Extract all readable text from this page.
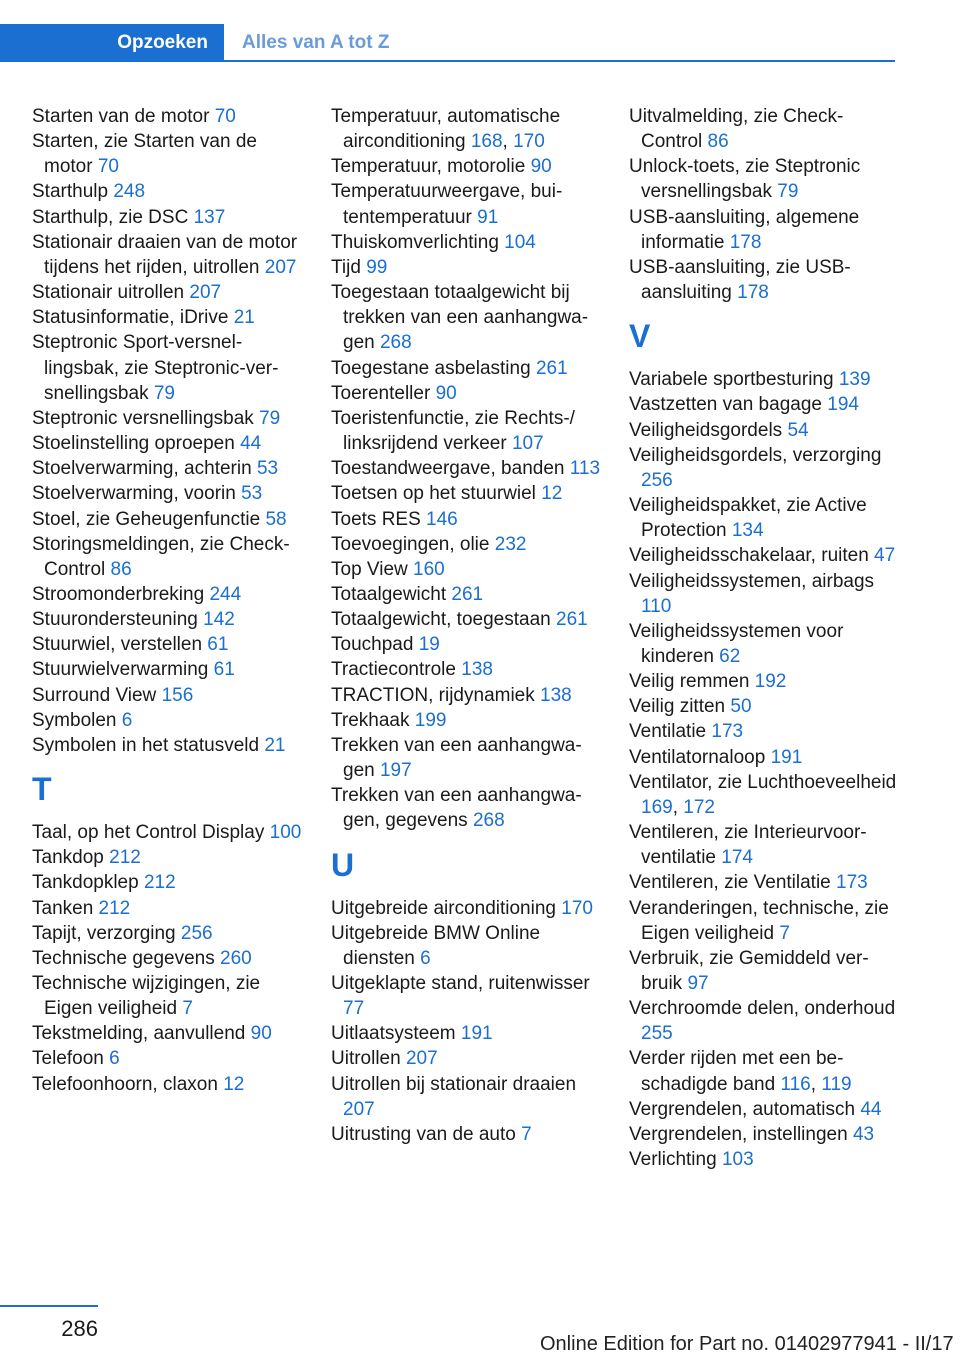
Opzoeken	Alles van A tot Z
Starten van de motor 70
Starten, zie Starten van de motor 70
Starthulp 248
Starthulp, zie DSC 137
Stationair draaien van de motor tijdens het rijden, uitrollen 207
Stationair uitrollen 207
Statusinformatie, iDrive 21
Steptronic Sport-versnellingsbak, zie Steptronic-versnellingsbak 79
Steptronic versnellingsbak 79
Stoelinstelling oproepen 44
Stoelverwarming, achterin 53
Stoelverwarming, voorin 53
Stoel, zie Geheugenfunctie 58
Storingsmeldingen, zie Check-Control 86
Stroomonderbreking 244
Stuurondersteuning 142
Stuurwiel, verstellen 61
Stuurwielverwarming 61
Surround View 156
Symbolen 6
Symbolen in het statusveld 21
T
Taal, op het Control Display 100
Tankdop 212
Tankdopklep 212
Tanken 212
Tapijt, verzorging 256
Technische gegevens 260
Technische wijzigingen, zie Eigen veiligheid 7
Tekstmelding, aanvullend 90
Telefoon 6
Telefoonhoorn, claxon 12
Temperatuur, automatische airconditioning 168, 170
Temperatuur, motorolie 90
Temperatuurweergave, buitentemperatuur 91
Thuiskomverlichting 104
Tijd 99
Toegestaan totaalgewicht bij trekken van een aanhangwagen 268
Toegestane asbelasting 261
Toerenteller 90
Toeristenfunctie, zie Rechts-/ linksrijdend verkeer 107
Toestandweergave, banden 113
Toetsen op het stuurwiel 12
Toets RES 146
Toevoegingen, olie 232
Top View 160
Totaalgewicht 261
Totaalgewicht, toegestaan 261
Touchpad 19
Tractiecontrole 138
TRACTION, rijdynamiek 138
Trekhaak 199
Trekken van een aanhangwagen 197
Trekken van een aanhangwagen, gegevens 268
U
Uitgebreide airconditioning 170
Uitgebreide BMW Online diensten 6
Uitgeklapte stand, ruitenwisser 77
Uitlaatsysteem 191
Uitrollen 207
Uitrollen bij stationair draaien 207
Uitrusting van de auto 7
Uitvalmelding, zie Check-Control 86
Unlock-toets, zie Steptronic versnellingsbak 79
USB-aansluiting, algemene informatie 178
USB-aansluiting, zie USB-aansluiting 178
V
Variabele sportbesturing 139
Vastzetten van bagage 194
Veiligheidsgordels 54
Veiligheidsgordels, verzorging 256
Veiligheidspakket, zie Active Protection 134
Veiligheidsschakelaar, ruiten 47
Veiligheidssystemen, airbags 110
Veiligheidssystemen voor kinderen 62
Veilig remmen 192
Veilig zitten 50
Ventilatie 173
Ventilatornaloop 191
Ventilator, zie Luchthoeveelheid 169, 172
Ventileren, zie Interieurvoorventilatie 174
Ventileren, zie Ventilatie 173
Veranderingen, technische, zie Eigen veiligheid 7
Verbruik, zie Gemiddeld verbruik 97
Verchroomde delen, onderhoud 255
Verder rijden met een beschadigde band 116, 119
Vergrendelen, automatisch 44
Vergrendelen, instellingen 43
Verlichting 103
286
Online Edition for Part no. 01402977941 - II/17
